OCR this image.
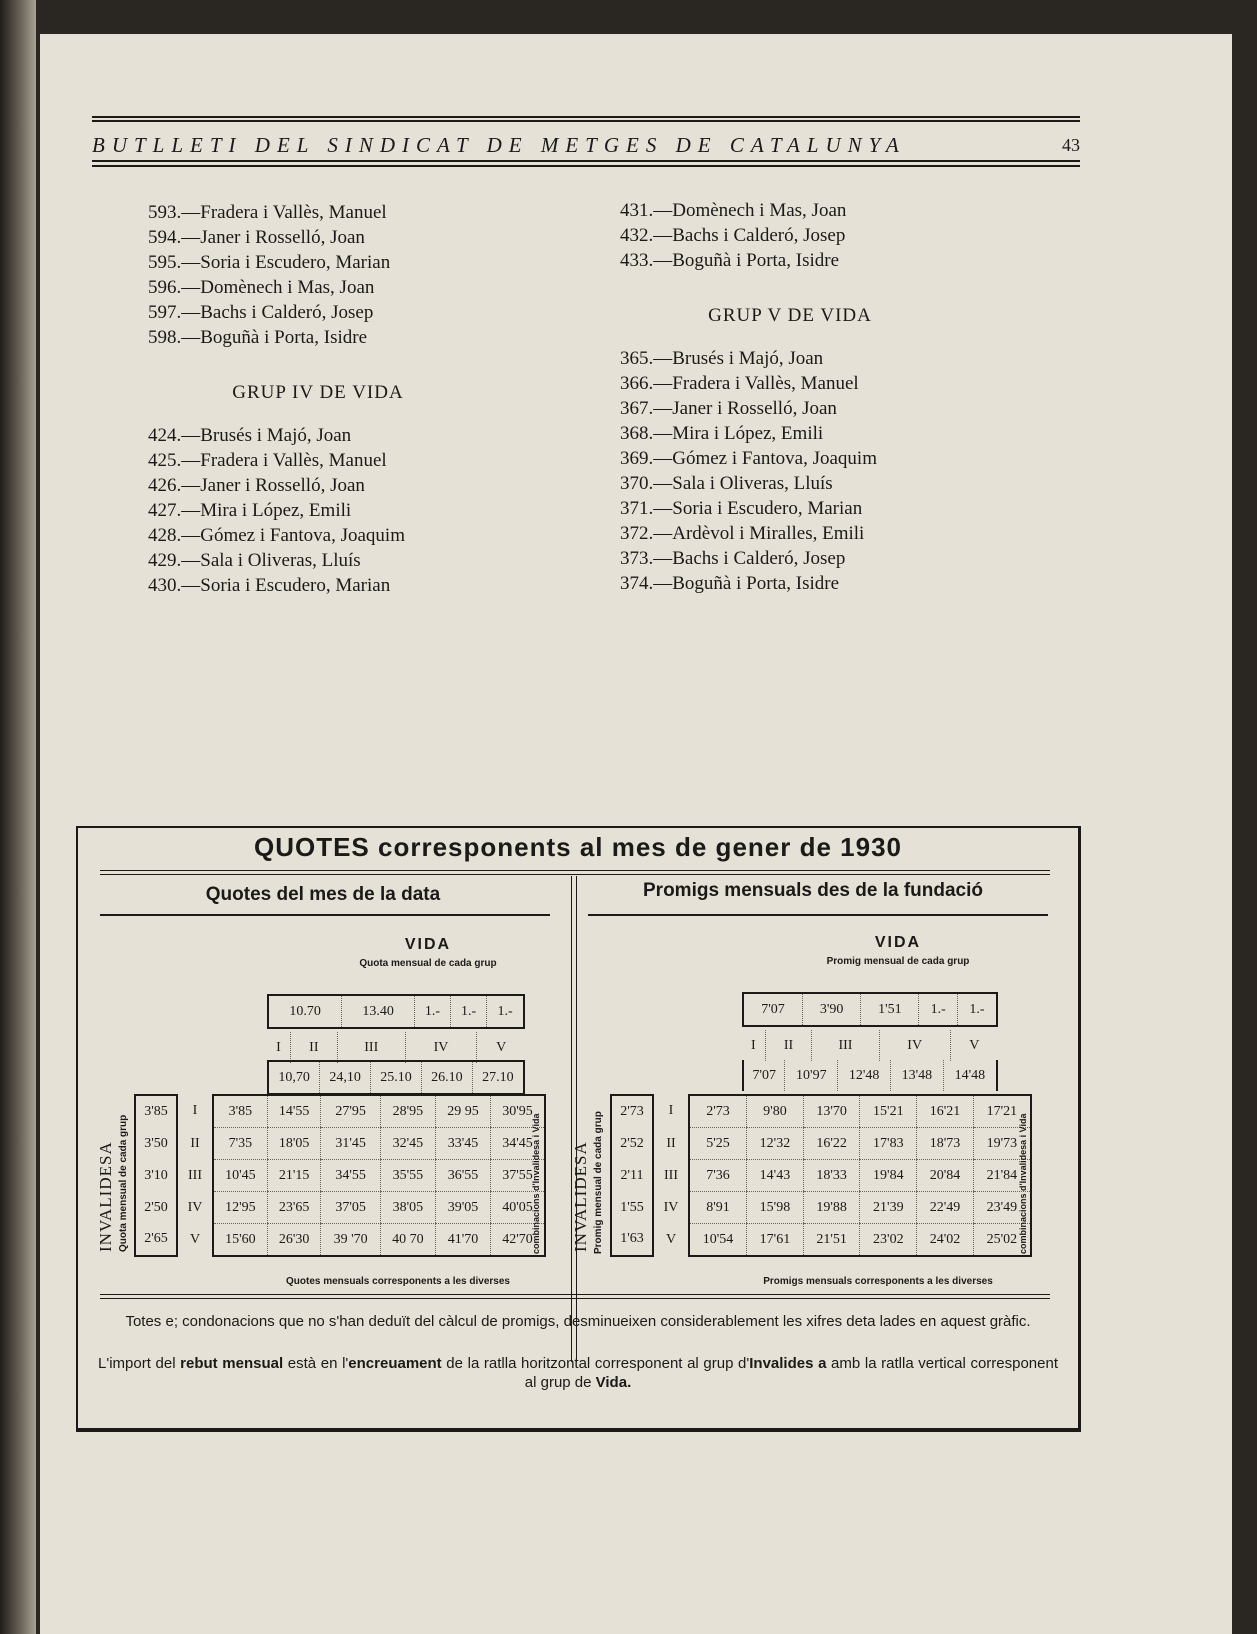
BUTLLETI DEL SINDICAT DE METGES DE CATALUNYA	43
593.—Fradera i Vallès, Manuel
594.—Janer i Rosselló, Joan
595.—Soria i Escudero, Marian
596.—Domènech i Mas, Joan
597.—Bachs i Calderó, Josep
598.—Boguñà i Porta, Isidre
GRUP IV DE VIDA
424.—Brusés i Majó, Joan
425.—Fradera i Vallès, Manuel
426.—Janer i Rosselló, Joan
427.—Mira i López, Emili
428.—Gómez i Fantova, Joaquim
429.—Sala i Oliveras, Lluís
430.—Soria i Escudero, Marian
431.—Domènech i Mas, Joan
432.—Bachs i Calderó, Josep
433.—Boguñà i Porta, Isidre
GRUP V DE VIDA
365.—Brusés i Majó, Joan
366.—Fradera i Vallès, Manuel
367.—Janer i Rosselló, Joan
368.—Mira i López, Emili
369.—Gómez i Fantova, Joaquim
370.—Sala i Oliveras, Lluís
371.—Soria i Escudero, Marian
372.—Ardèvol i Miralles, Emili
373.—Bachs i Calderó, Josep
374.—Boguñà i Porta, Isidre
QUOTES corresponents al mes de gener de 1930
Quotes del mes de la data	Promigs mensuals des de la fundació
VIDA
Quota mensual de cada grup
VIDA
Promig mensual de cada grup
10.70	13.40	1.-	1.-	1.-
I	II	III	IV	V
10,70	24,10	25.10	26.10	27.10
7'07	3'90	1'51	1.-	1.-
I	II	III	IV	V
7'07	10'97	12'48	13'48	14'48
INVALIDESA Quota mensual de cada grup
3'85	I	3'85	14'55	27'95	28'95	29 95	30'95
3'50	II	7'35	18'05	31'45	32'45	33'45	34'45
3'10	III	10'45	21'15	34'55	35'55	36'55	37'55
2'50	IV	12'95	23'65	37'05	38'05	39'05	40'05
2'65	V	15'60	26'30	39 '70	40 70	41'70	42'70
combinacions d'Invalidesa i Vida
Quotes mensuals corresponents a les diverses
INVALIDESA Promig mensual de cada grup
2'73	I	2'73	9'80	13'70	15'21	16'21	17'21
2'52	II	5'25	12'32	16'22	17'83	18'73	19'73
2'11	III	7'36	14'43	18'33	19'84	20'84	21'84
1'55	IV	8'91	15'98	19'88	21'39	22'49	23'49
1'63	V	10'54	17'61	21'51	23'02	24'02	25'02 combinacions d'Invalidesa i Vida
Promigs mensuals corresponents a les diverses
Totes e; condonacions que no s'han deduït del càlcul de promigs, desminueixen considerablement les xifres deta lades en aquest gràfic.
L'import del rebut mensual està en l'encreuament de la ratlla horitzontal corresponent al grup d'Invalides a amb la ratlla vertical corresponent al grup de Vida.
